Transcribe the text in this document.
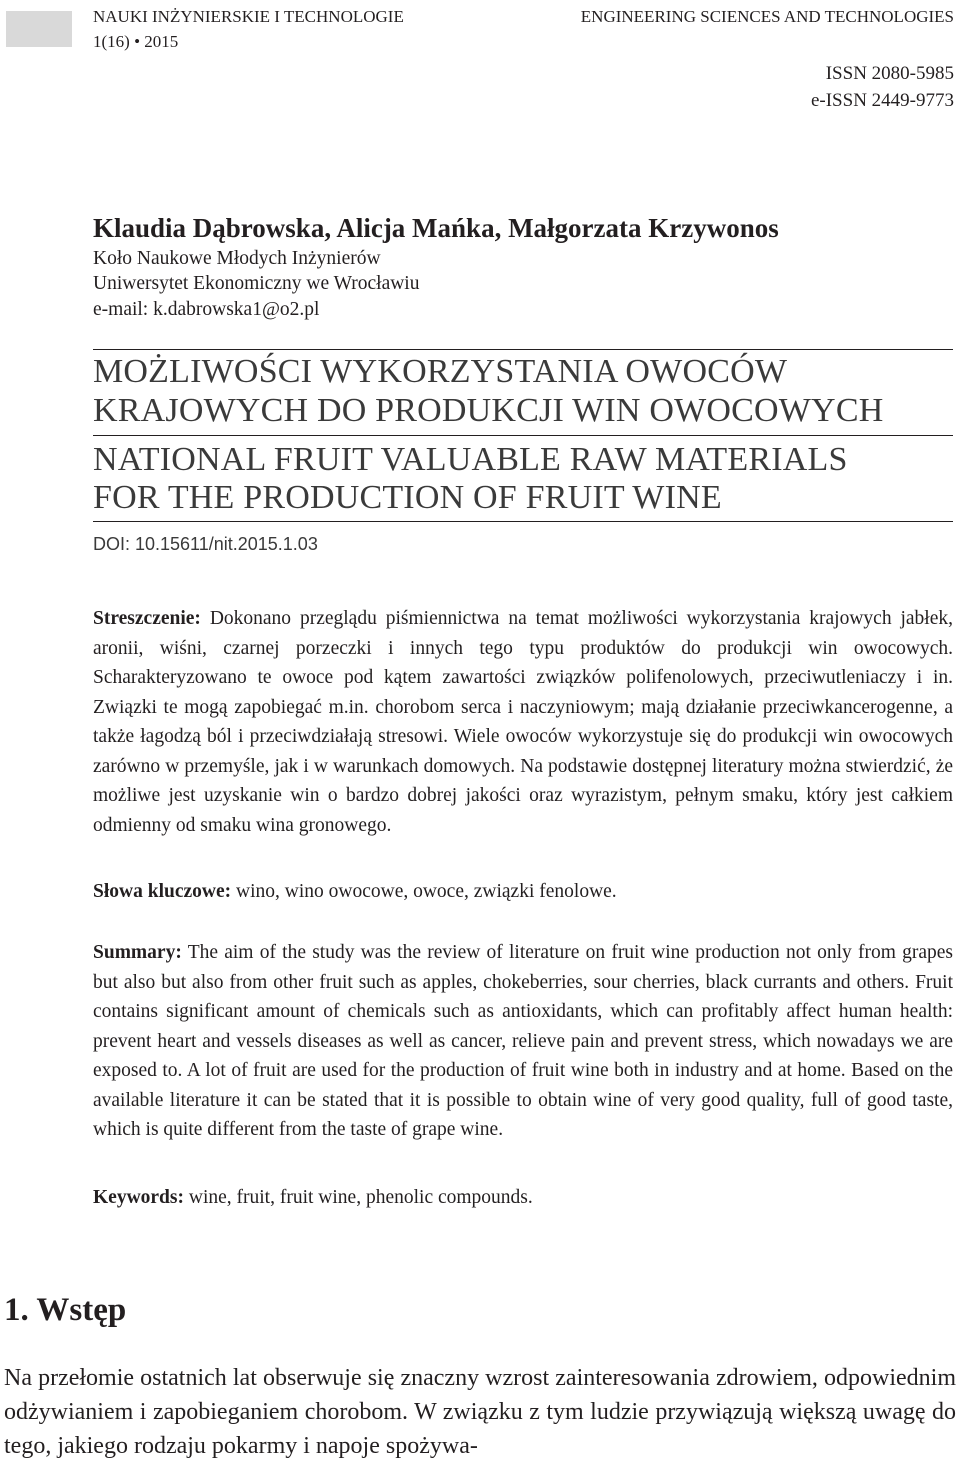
NAUKI INŻYNIERSKIE I TECHNOLOGIE
1(16) • 2015
ENGINEERING SCIENCES AND TECHNOLOGIES
ISSN 2080-5985
e-ISSN 2449-9773
Klaudia Dąbrowska, Alicja Mańka, Małgorzata Krzywonos
Koło Naukowe Młodych Inżynierów
Uniwersytet Ekonomiczny we Wrocławiu
e-mail: k.dabrowska1@o2.pl
MOŻLIWOŚCI WYKORZYSTANIA OWOCÓW
KRAJOWYCH DO PRODUKCJI WIN OWOCOWYCH
NATIONAL FRUIT VALUABLE RAW MATERIALS
FOR THE PRODUCTION OF FRUIT WINE
DOI: 10.15611/nit.2015.1.03

Streszczenie: Dokonano przeglądu piśmiennictwa na temat możliwości wykorzystania krajowych jabłek, aronii, wiśni, czarnej porzeczki i innych tego typu produktów do produkcji win owocowych. Scharakteryzowano te owoce pod kątem zawartości związków polifenolowych, przeciwutleniaczy i in. Związki te mogą zapobiegać m.in. chorobom serca i naczyniowym; mają działanie przeciwkancerogenne, a także łagodzą ból i przeciwdziałają stresowi. Wiele owoców wykorzystuje się do produkcji win owocowych zarówno w przemyśle, jak i w warunkach domowych. Na podstawie dostępnej literatury można stwierdzić, że możliwe jest uzyskanie win o bardzo dobrej jakości oraz wyrazistym, pełnym smaku, który jest całkiem odmienny od smaku wina gronowego.

Słowa kluczowe: wino, wino owocowe, owoce, związki fenolowe.

Summary: The aim of the study was the review of literature on fruit wine production not only from grapes but also but also from other fruit such as apples, chokeberries, sour cherries, black currants and others. Fruit contains significant amount of chemicals such as antioxidants, which can profitably affect human health: prevent heart and vessels diseases as well as cancer, relieve pain and prevent stress, which nowadays we are exposed to. A lot of fruit are used for the production of fruit wine both in industry and at home. Based on the available literature it can be stated that it is possible to obtain wine of very good quality, full of good taste, which is quite different from the taste of grape wine.

Keywords: wine, fruit, fruit wine, phenolic compounds.

1. Wstęp

Na przełomie ostatnich lat obserwuje się znaczny wzrost zainteresowania zdrowiem, odpowiednim odżywianiem i zapobieganiem chorobom. W związku z tym ludzie przywiązują większą uwagę do tego, jakiego rodzaju pokarmy i napoje spożywa-
